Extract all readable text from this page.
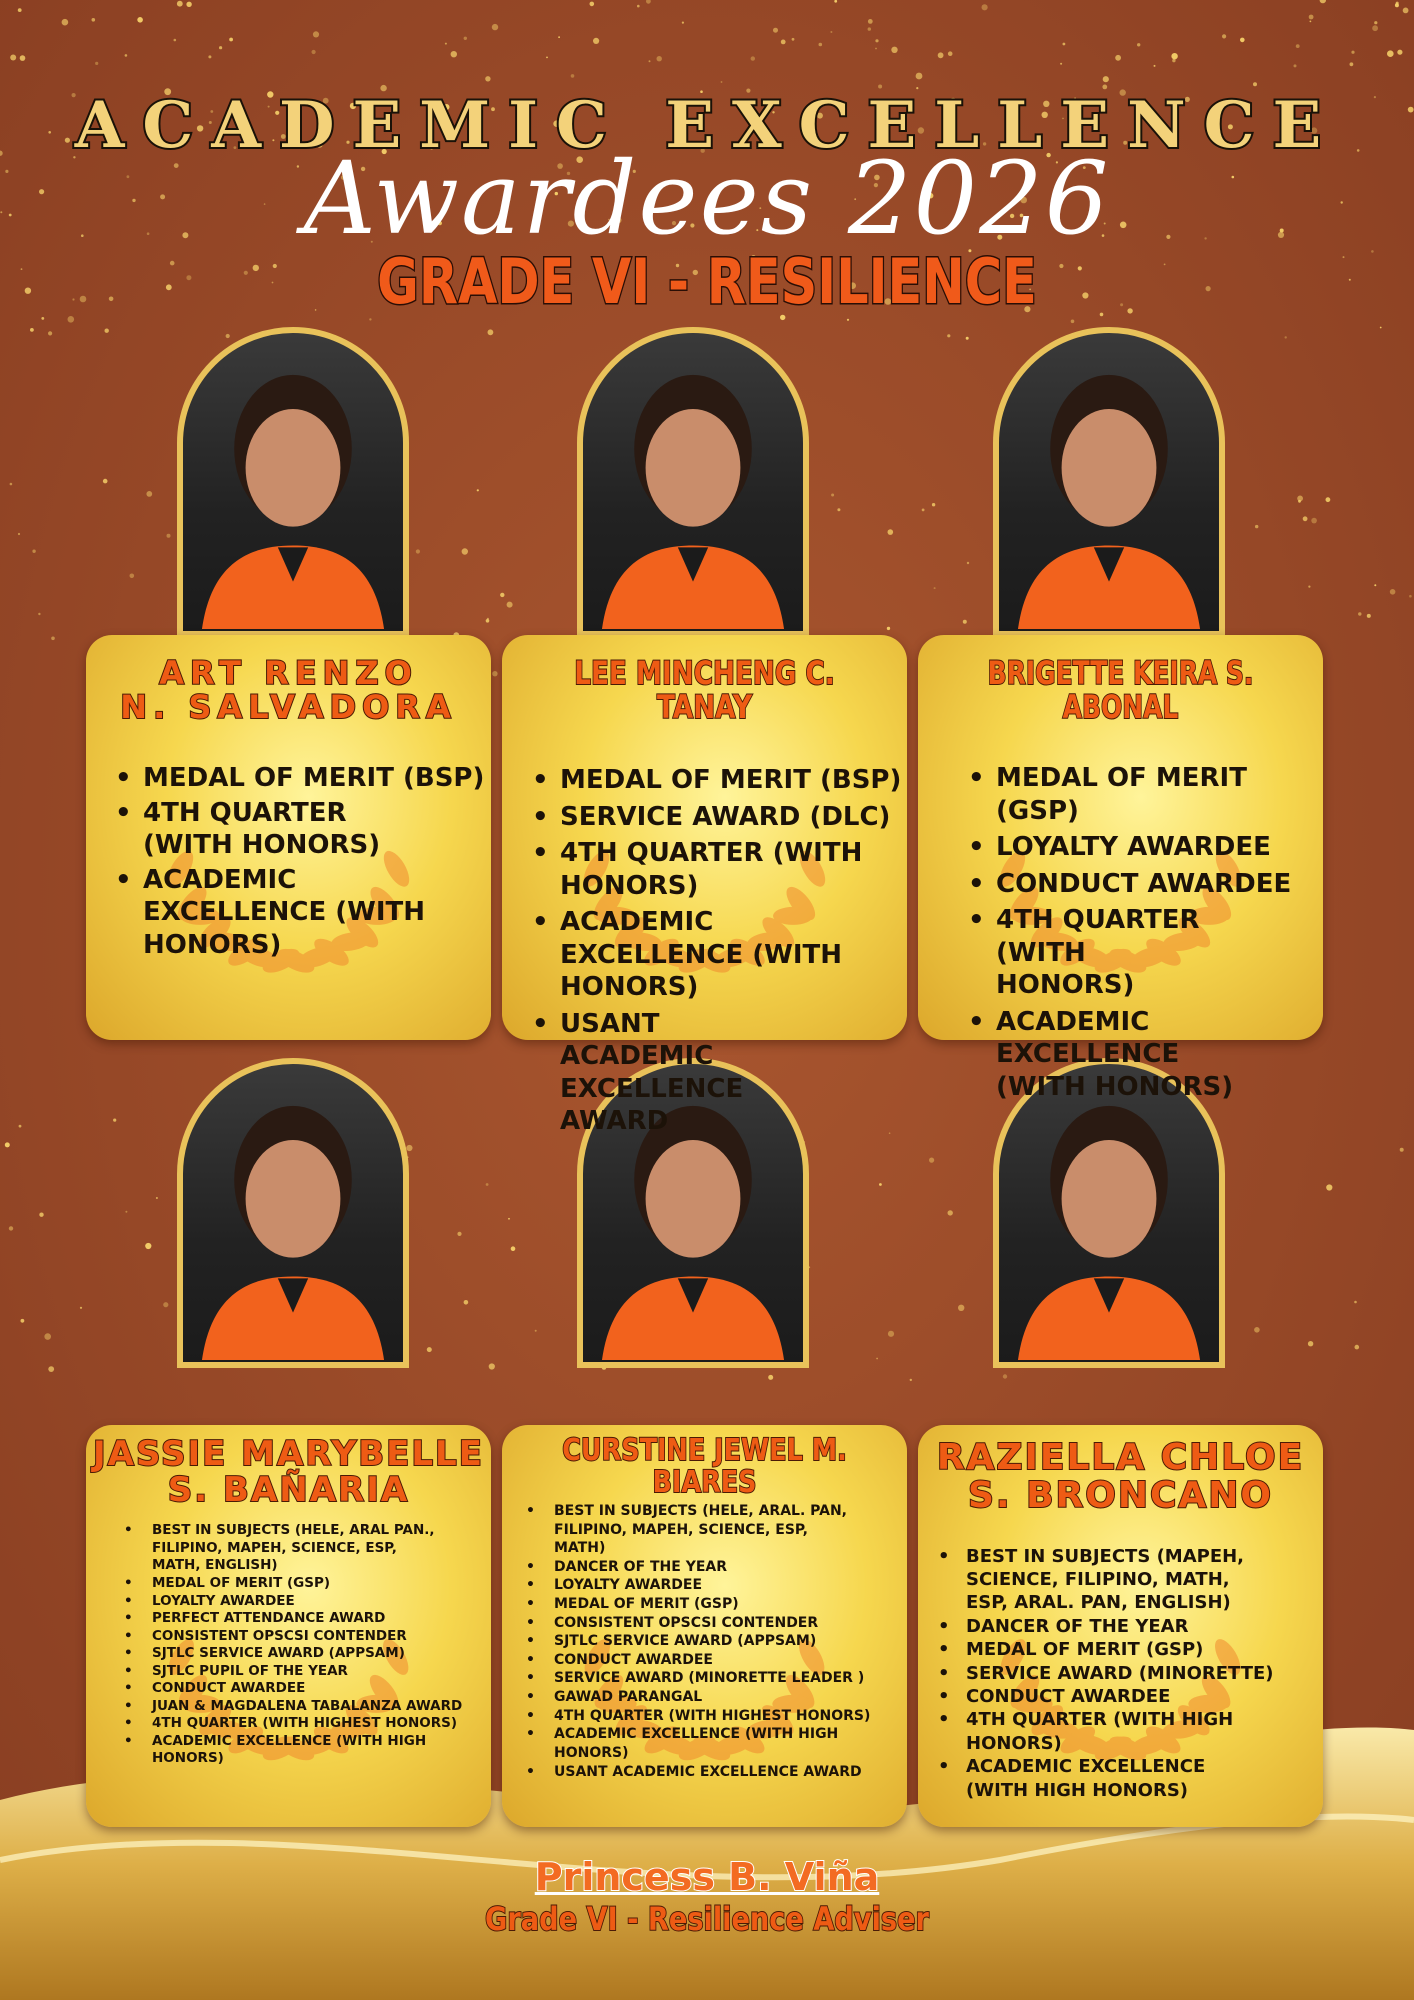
ACADEMIC EXCELLENCE
Awardees 2026
GRADE VI - RESILIENCE
ART RENZO
N. SALVADORA
• MEDAL OF MERIT (BSP)
• 4TH QUARTER (WITH HONORS)
• ACADEMIC EXCELLENCE (WITH HONORS)
LEE MINCHENG C. TANAY
• MEDAL OF MERIT (BSP)
• SERVICE AWARD (DLC)
• 4TH QUARTER (WITH HONORS)
• ACADEMIC EXCELLENCE (WITH HONORS)
• USANT ACADEMIC EXCELLENCE AWARD
BRIGETTE KEIRA S. ABONAL
• MEDAL OF MERIT (GSP)
• LOYALTY AWARDEE
• CONDUCT AWARDEE
• 4TH QUARTER (WITH HONORS)
• ACADEMIC EXCELLENCE (WITH HONORS)
JASSIE MARYBELLE
S. BAÑARIA
• BEST IN SUBJECTS (HELE, ARAL PAN., FILIPINO, MAPEH, SCIENCE, ESP, MATH, ENGLISH)
• MEDAL OF MERIT (GSP)
• LOYALTY AWARDEE
• PERFECT ATTENDANCE AWARD
• CONSISTENT OPSCSI CONTENDER
• SJTLC SERVICE AWARD (APPSAM)
• SJTLC PUPIL OF THE YEAR
• CONDUCT AWARDEE
• JUAN & MAGDALENA TABALANZA AWARD
• 4TH QUARTER (WITH HIGHEST HONORS)
• ACADEMIC EXCELLENCE (WITH HIGH HONORS)
CURSTINE JEWEL M. BIARES
• BEST IN SUBJECTS (HELE, ARAL. PAN, FILIPINO, MAPEH, SCIENCE, ESP, MATH)
• DANCER OF THE YEAR
• LOYALTY AWARDEE
• MEDAL OF MERIT (GSP)
• CONSISTENT OPSCSI CONTENDER
• SJTLC SERVICE AWARD (APPSAM)
• CONDUCT AWARDEE
• SERVICE AWARD (MINORETTE LEADER )
• GAWAD PARANGAL
• 4TH QUARTER (WITH HIGHEST HONORS)
• ACADEMIC EXCELLENCE (WITH HIGH HONORS)
• USANT ACADEMIC EXCELLENCE AWARD
RAZIELLA CHLOE
S. BRONCANO
• BEST IN SUBJECTS (MAPEH, SCIENCE, FILIPINO, MATH, ESP, ARAL. PAN, ENGLISH)
• DANCER OF THE YEAR
• MEDAL OF MERIT (GSP)
• SERVICE AWARD (MINORETTE)
• CONDUCT AWARDEE
• 4TH QUARTER (WITH HIGH HONORS)
• ACADEMIC EXCELLENCE (WITH HIGH HONORS)
Princess B. Viña
Grade VI - Resilience Adviser
